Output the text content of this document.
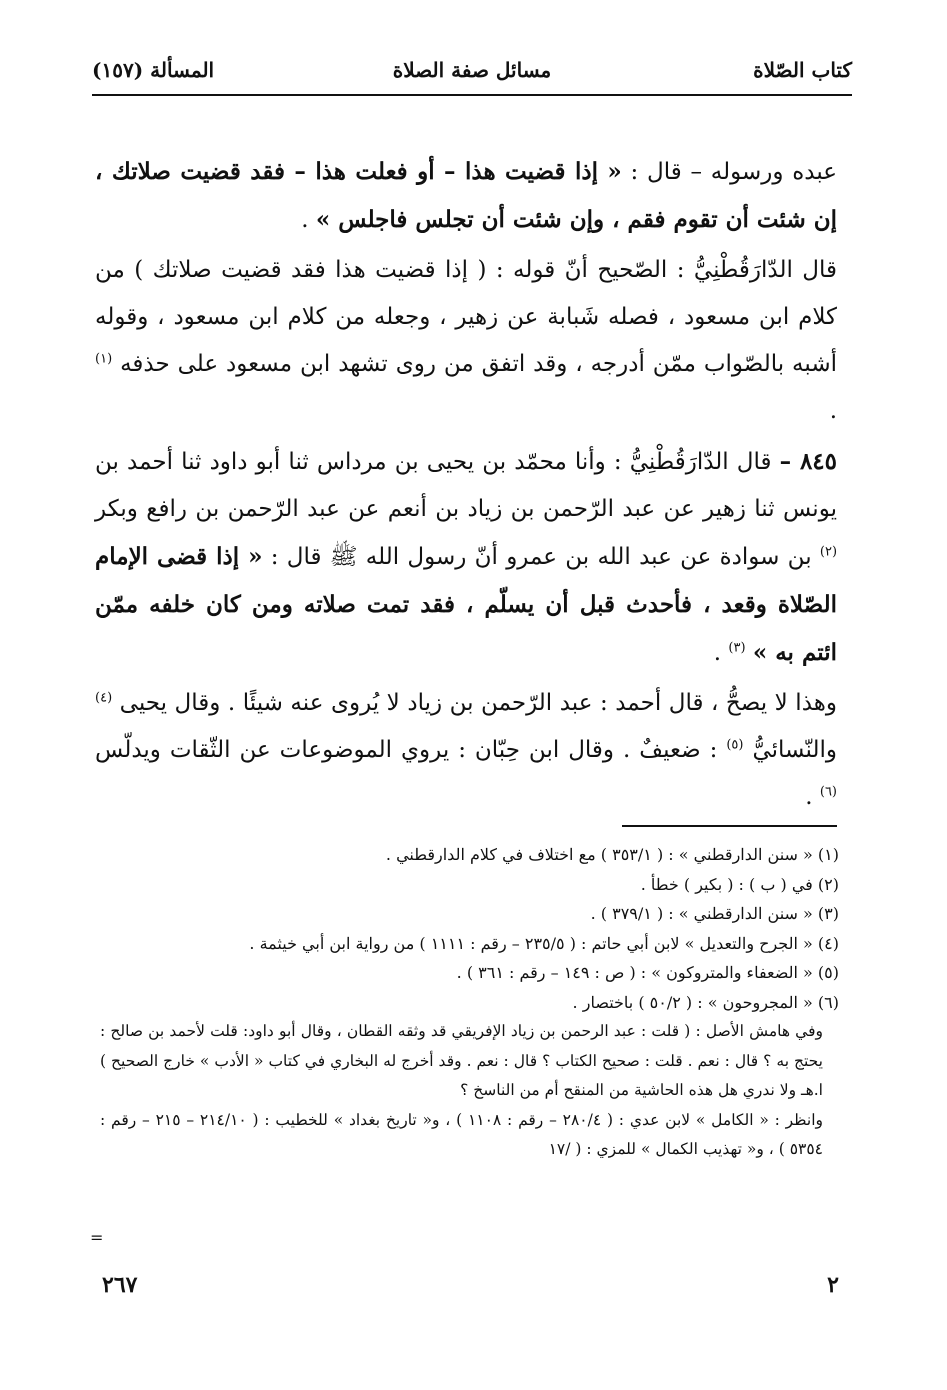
كتاب الصّلاة
مسائل صفة الصلاة
المسألة (١٥٧)

عبده ورسوله – قال : « إذا قضيت هذا – أو فعلت هذا – فقد قضيت صلاتك ، إن شئت أن تقوم فقم ، وإن شئت أن تجلس فاجلس » .

قال الدّارَقُطْنِيُّ : الصّحيح أنّ قوله : ( إذا قضيت هذا فقد قضيت صلاتك ) من كلام ابن مسعود ، فصله شَبابة عن زهير ، وجعله من كلام ابن مسعود ، وقوله أشبه بالصّواب ممّن أدرجه ، وقد اتفق من روى تشهد ابن مسعود على حذفه $^{(١)}$ .

٨٤٥ – قال الدّارَقُطْنِيُّ : وأنا محمّد بن يحيى بن مرداس ثنا أبو داود ثنا أحمد بن يونس ثنا زهير عن عبد الرّحمن بن زياد بن أنعم عن عبد الرّحمن بن رافع وبكر $^{(٢)}$ بن سوادة عن عبد الله بن عمرو أنّ رسول الله ﷺ قال : « إذا قضى الإمام الصّلاة وقعد ، فأحدث قبل أن يسلّم ، فقد تمت صلاته ومن كان خلفه ممّن ائتم به » $^{(٣)}$ .

وهذا لا يصحُّ ، قال أحمد : عبد الرّحمن بن زياد لا يُروى عنه شيئًا . وقال يحيى $^{(٤)}$ والنّسائيُّ $^{(٥)}$ : ضعيفٌ . وقال ابن حِبّان : يروي الموضوعات عن الثّقات ويدلّس $^{(٦)}$ .

(١) « سنن الدارقطني » : ( ٣٥٣/١ ) مع اختلاف في كلام الدارقطني .

(٢) في ( ب ) : ( بكير ) خطأ .

(٣) « سنن الدارقطني » : ( ٣٧٩/١ ) .

(٤) « الجرح والتعديل » لابن أبي حاتم : ( ٢٣٥/٥ – رقم : ١١١١ ) من رواية ابن أبي خيثمة .

(٥) « الضعفاء والمتروكون » : ( ص : ١٤٩ – رقم : ٣٦١ ) .

(٦) « المجروحون » : ( ٥٠/٢ ) باختصار .

وفي هامش الأصل : ( قلت : عبد الرحمن بن زياد الإفريقي قد وثقه القطان ، وقال أبو داود: قلت لأحمد بن صالح : يحتج به ؟ قال : نعم . قلت : صحيح الكتاب ؟ قال : نعم . وقد أخرج له البخاري في كتاب « الأدب » خارج الصحيح ) ا.هـ ولا ندري هل هذه الحاشية من المنقح أم من الناسخ ؟

وانظر : « الكامل » لابن عدي : ( ٢٨٠/٤ – رقم : ١١٠٨ ) ، و« تاريخ بغداد » للخطيب : ( ٢١٤/١٠ – ٢١٥ – رقم : ٥٣٥٤ ) ، و« تهذيب الكمال » للمزي : ( /١٧

=
٢
٢٦٧
